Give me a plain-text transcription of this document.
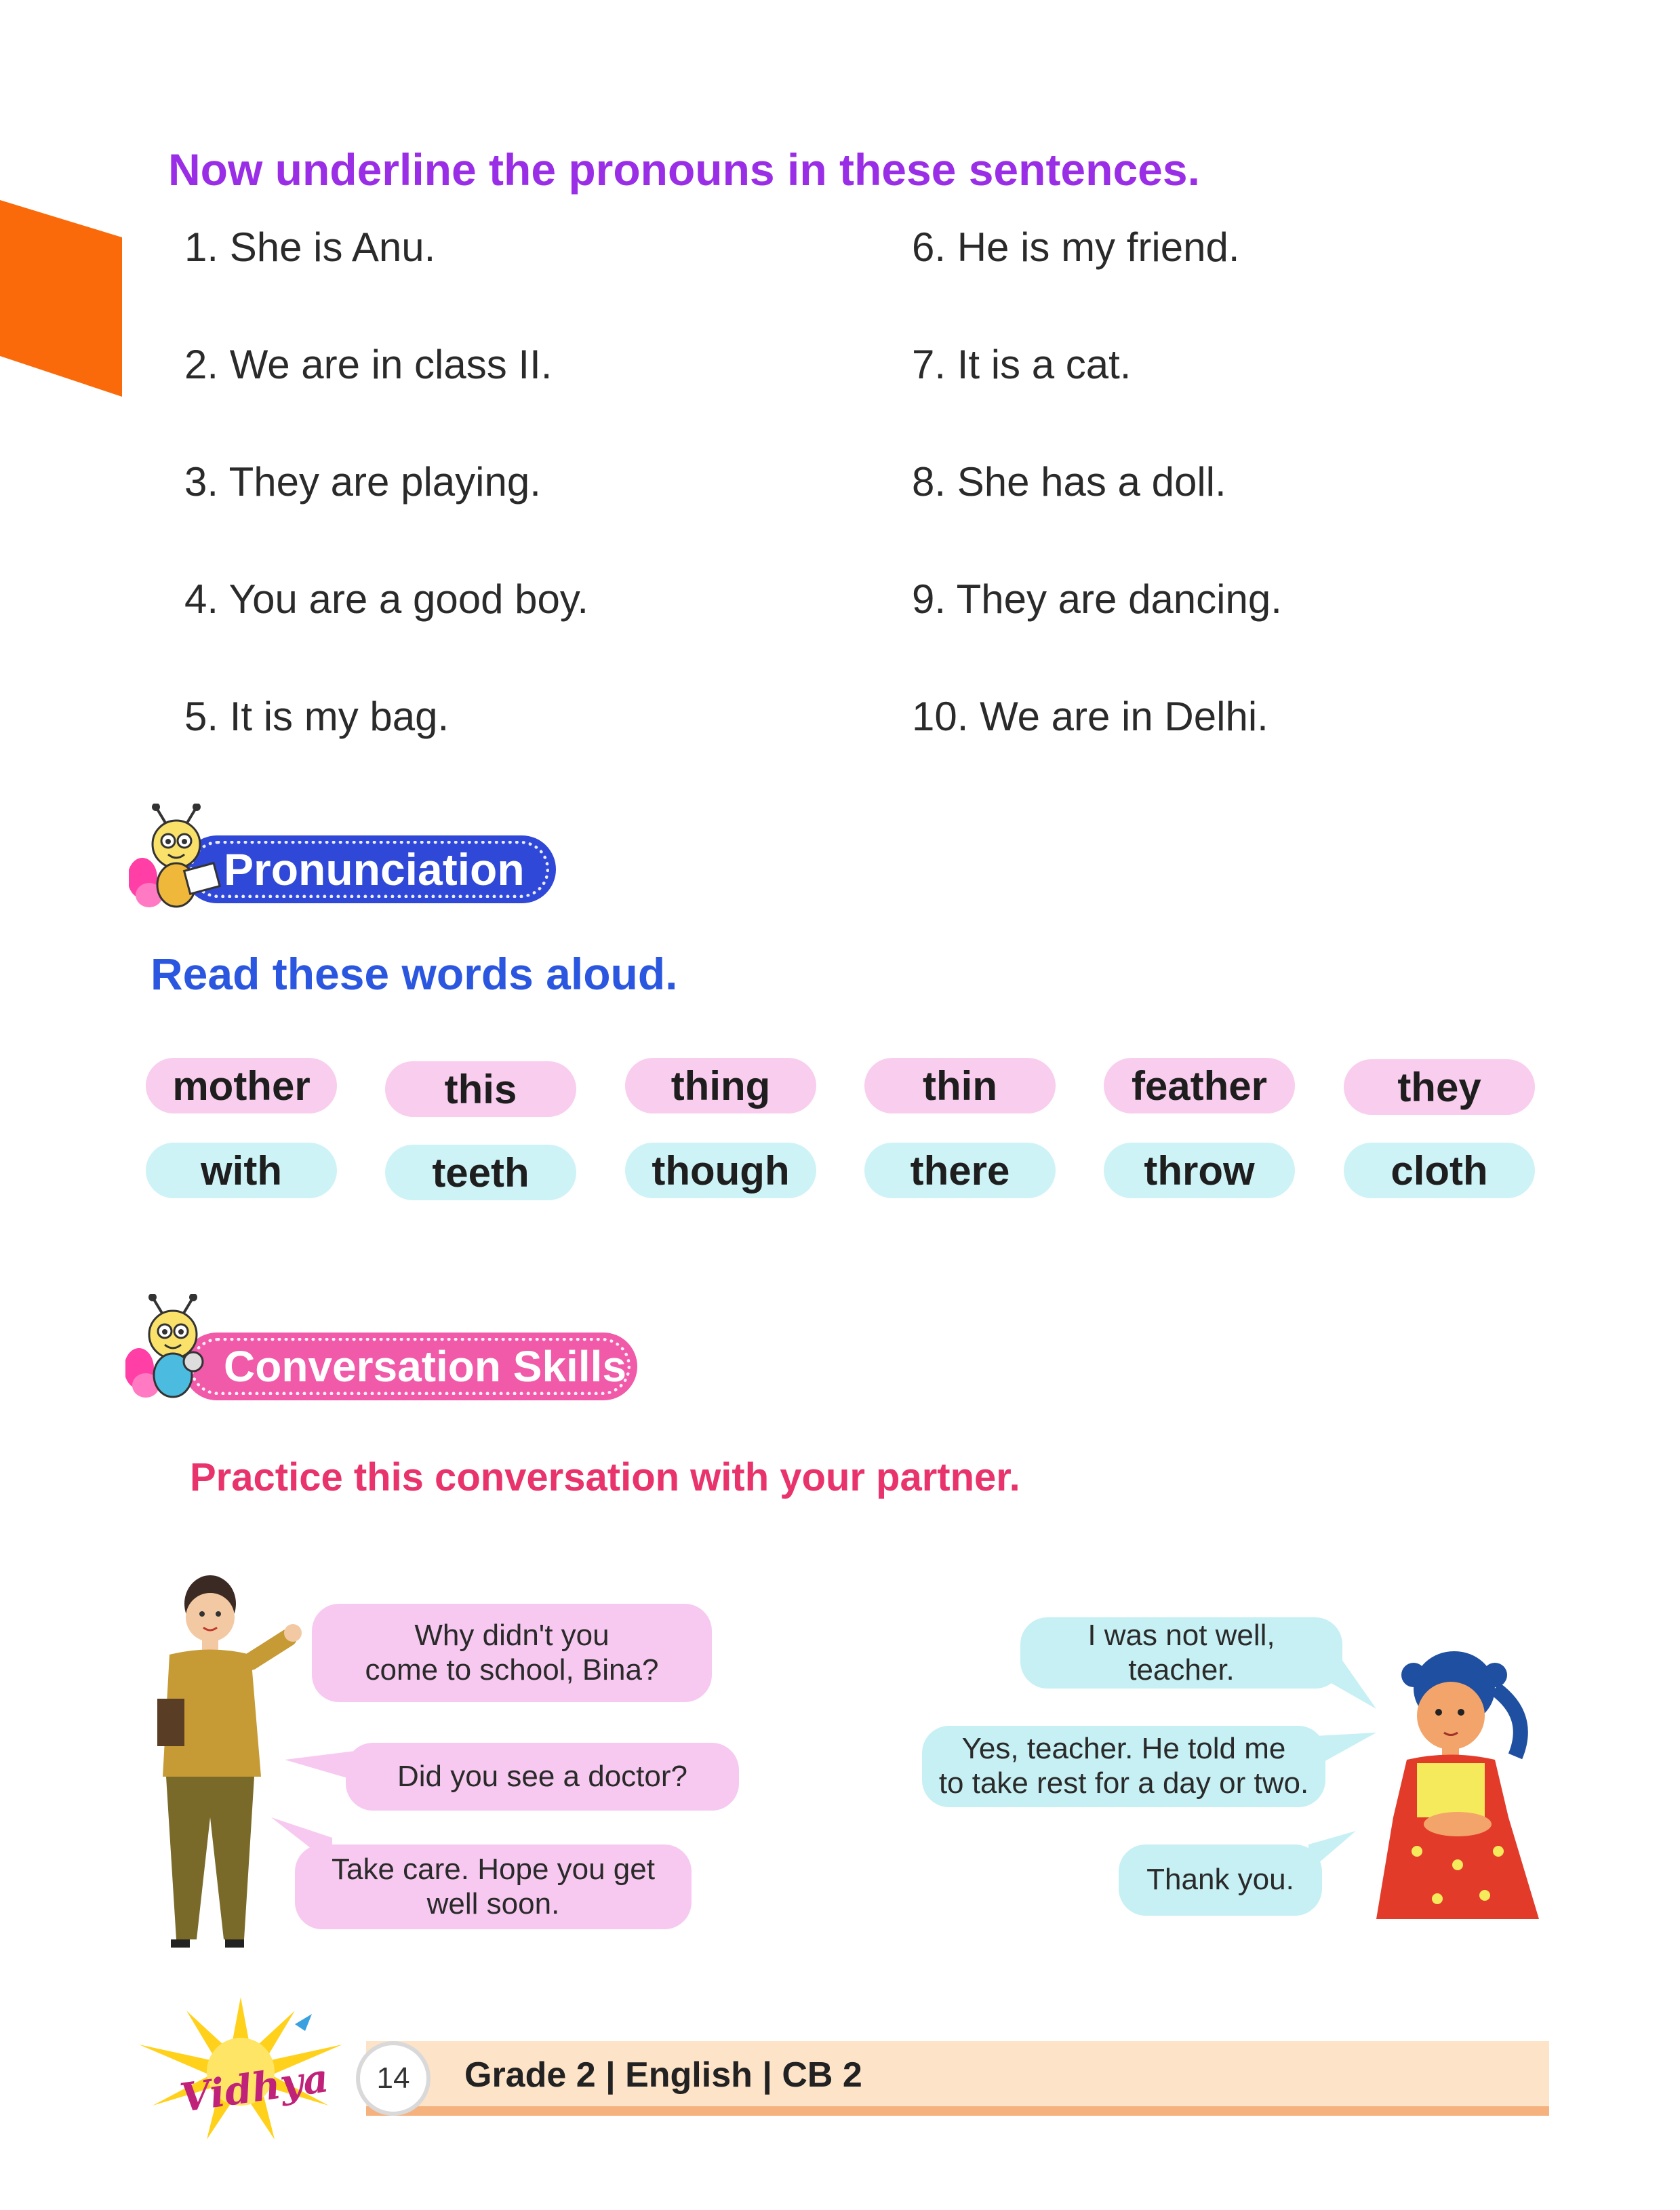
Now underline the pronouns in these sentences.
1. She is Anu.
2. We are in class II.
3. They are playing.
4. You are a good boy.
5. It is my bag.
6. He is my friend.
7. It is a cat.
8. She has a doll.
9. They are dancing.
10. We are in Delhi.
Pronunciation
Read these words aloud.
mother	this	thing	thin	feather	they
with	teeth	though	there	throw	cloth
Conversation Skills
Practice this conversation with your partner.
Why didn't you
come to school, Bina?
Did you see a doctor?
Take care. Hope you get
well soon.
I was not well,
teacher.
Yes, teacher. He told me
to take rest for a day or two.
Thank you.
Grade 2 | English | CB 2
14
Vidhya
